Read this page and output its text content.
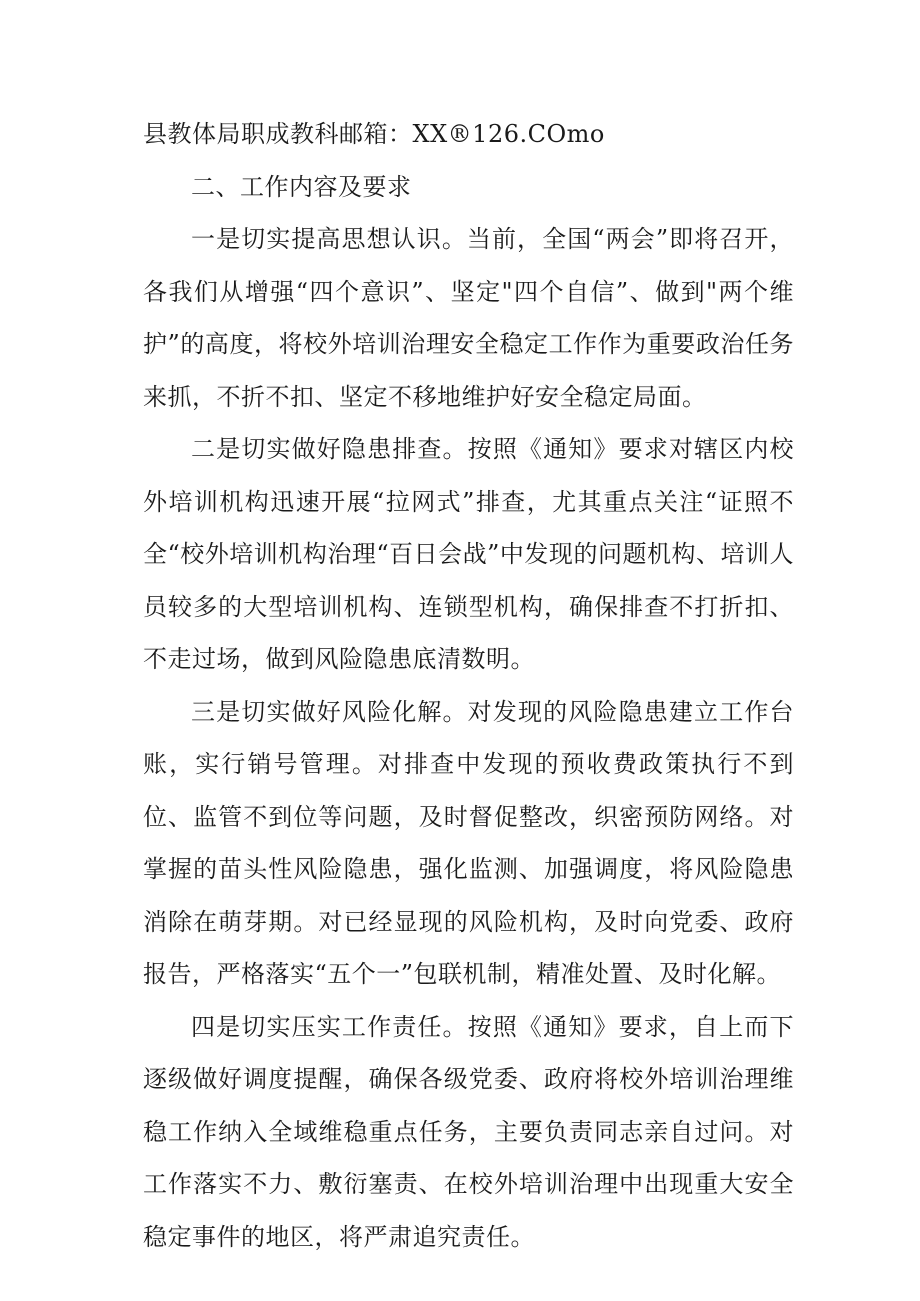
县教体局职成教科邮箱：XX®126.COmo

二、工作内容及要求

一是切实提高思想认识。当前，全国“两会”即将召开，各我们从增强“四个意识”、坚定"四个自信”、做到"两个维护”的高度，将校外培训治理安全稳定工作作为重要政治任务来抓，不折不扣、坚定不移地维护好安全稳定局面。

二是切实做好隐患排查。按照《通知》要求对辖区内校外培训机构迅速开展“拉网式”排查，尤其重点关注“证照不全“校外培训机构治理“百日会战”中发现的问题机构、培训人员较多的大型培训机构、连锁型机构，确保排查不打折扣、不走过场，做到风险隐患底清数明。

三是切实做好风险化解。对发现的风险隐患建立工作台账，实行销号管理。对排查中发现的预收费政策执行不到位、监管不到位等问题，及时督促整改，织密预防网络。对掌握的苗头性风险隐患，强化监测、加强调度，将风险隐患消除在萌芽期。对已经显现的风险机构，及时向党委、政府报告，严格落实“五个一”包联机制，精准处置、及时化解。

四是切实压实工作责任。按照《通知》要求，自上而下逐级做好调度提醒，确保各级党委、政府将校外培训治理维稳工作纳入全域维稳重点任务，主要负责同志亲自过问。对工作落实不力、敷衍塞责、在校外培训治理中出现重大安全稳定事件的地区，将严肃追究责任。
